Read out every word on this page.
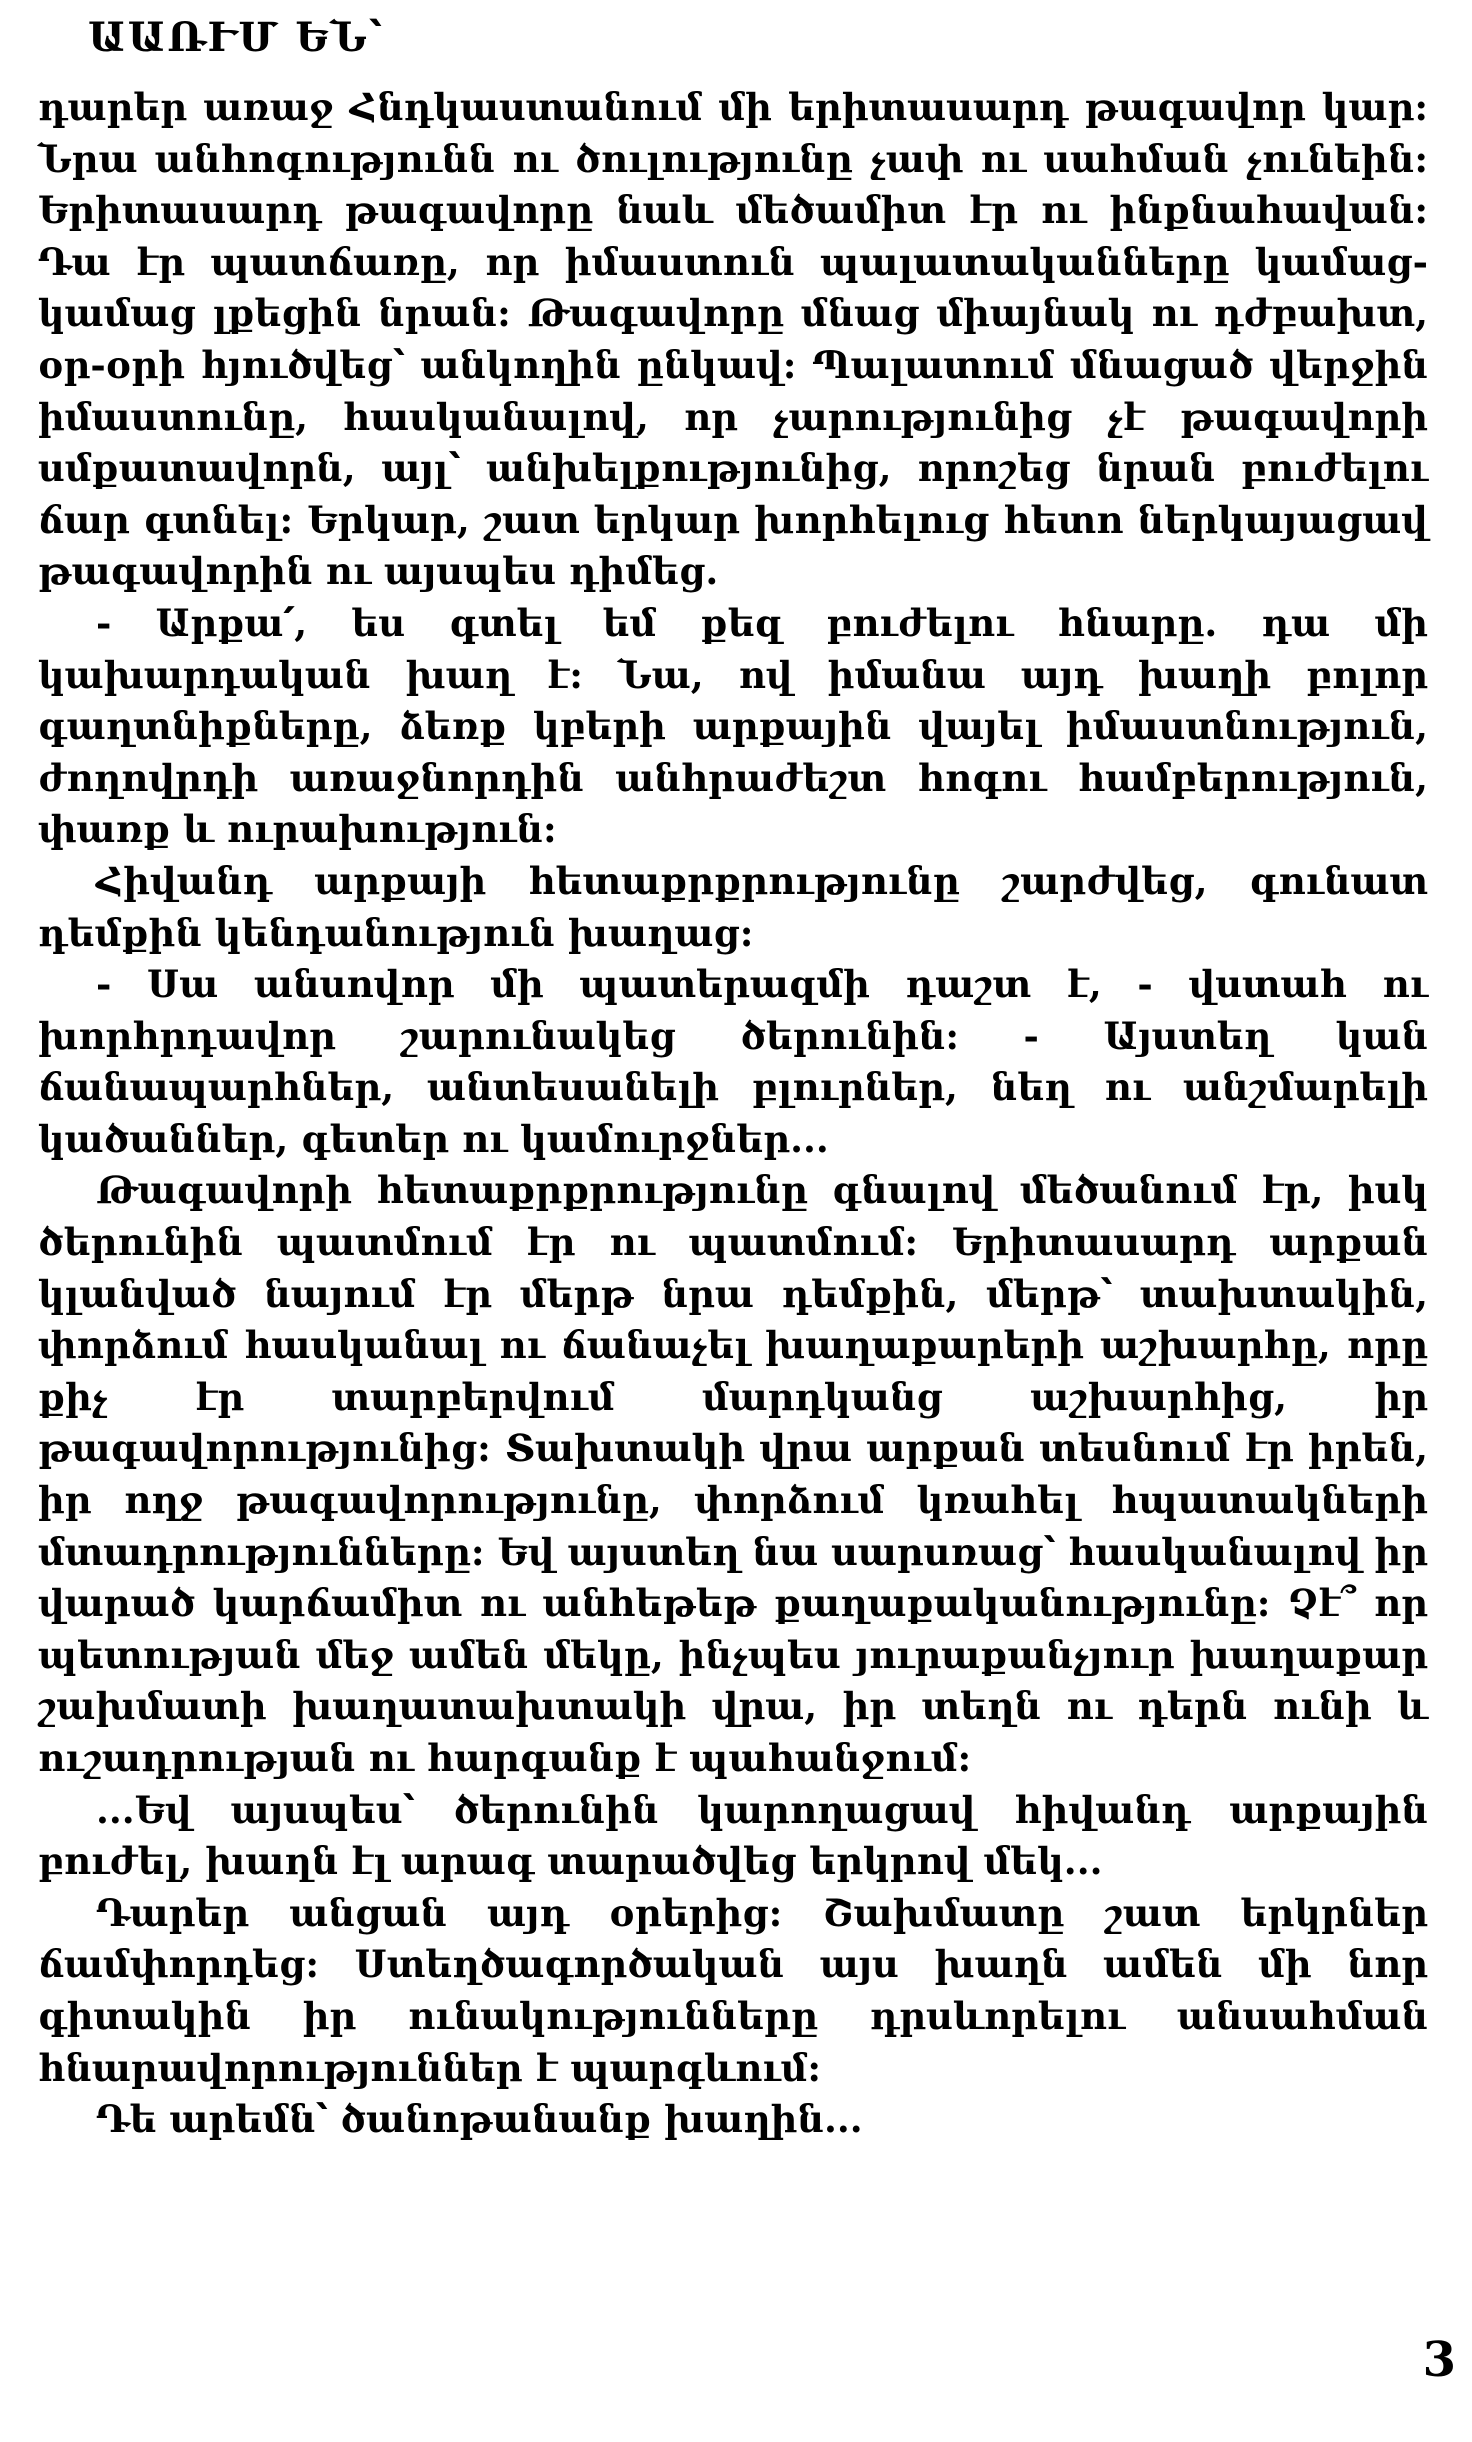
ԱԱՌՒՄ ԵՆ՝

դարեր առաջ Հնդկաստանում մի երիտասարդ թագավոր կար: Նրա անհոգությունն ու ծուլությունը չափ ու սահման չունեին: Երիտասարդ թագավորը նաև մեծամիտ էր ու ինքնահավան: Դա էր պատճառը, որ իմաստուն պալատականները կամաց-կամաց լքեցին նրան: Թագավորը մնաց միայնակ ու դժբախտ, օր-օրի հյուծվեց՝ անկողին ընկավ: Պալատում մնացած վերջին իմաստունը, հասկանալով, որ չարությունից չէ թագավորի սմքատավորն, այլ՝ անխելքությունից, որոշեց նրան բուժելու ճար գտնել: Երկար, շատ երկար խորհելուց հետո ներկայացավ թագավորին ու այսպես դիմեց.

- Արքա՛, ես գտել եմ քեզ բուժելու հնարը. դա մի կախարդական խաղ է: Նա, ով իմանա այդ խաղի բոլոր գաղտնիքները, ձեռք կբերի արքային վայել իմաստնություն, ժողովրդի առաջնորդին անհրաժեշտ հոգու համբերություն, փառք և ուրախություն:

Հիվանդ արքայի հետաքրքրությունը շարժվեց, գունատ դեմքին կենդանություն խաղաց:

- Սա անսովոր մի պատերազմի դաշտ է, - վստահ ու խորհրդավոր շարունակեց ծերունին: - Այստեղ կան ճանապարհներ, անտեսանելի բլուրներ, նեղ ու անշմարելի կածաններ, գետեր ու կամուրջներ...

Թագավորի հետաքրքրությունը գնալով մեծանում էր, իսկ ծերունին պատմում էր ու պատմում: Երիտասարդ արքան կլանված նայում էր մերթ նրա դեմքին, մերթ՝ տախտակին, փորձում հասկանալ ու ճանաչել խաղաքարերի աշխարհը, որը քիչ էր տարբերվում մարդկանց աշխարհից, իր թագավորությունից: Տախտակի վրա արքան տեսնում էր իրեն, իր ողջ թագավորությունը, փորձում կռահել հպատակների մտադրությունները: Եվ այստեղ նա սարսռաց՝ հասկանալով իր վարած կարճամիտ ու անհեթեթ քաղաքականությունը: Չէ՞ որ պետության մեջ ամեն մեկը, ինչպես յուրաքանչյուր խաղաքար շախմատի խաղատախտակի վրա, իր տեղն ու դերն ունի և ուշադրության ու հարգանք է պահանջում:

...Եվ այսպես՝ ծերունին կարողացավ հիվանդ արքային բուժել, խաղն էլ արագ տարածվեց երկրով մեկ...

Դարեր անցան այդ օրերից: Շախմատը շատ երկրներ ճամփորդեց: Ստեղծագործական այս խաղն ամեն մի նոր գիտակին իր ունակությունները դրսևորելու անսահման հնարավորություններ է պարգևում:

Դե արեմն՝ ծանոթանանք խաղին...

3
